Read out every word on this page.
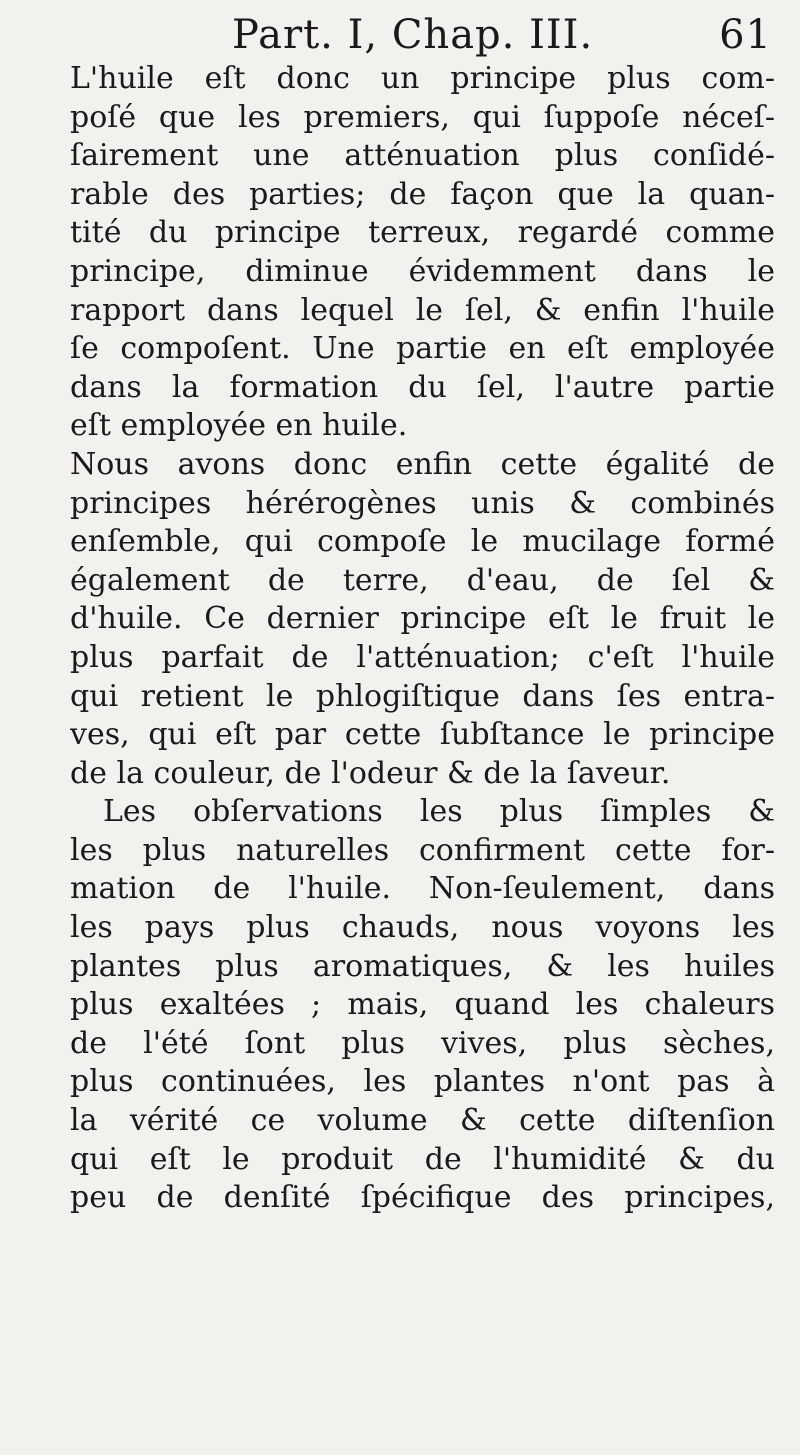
Part. I, Chap. III.	61
L'huile eſt donc un principe plus com-
poſé que les premiers, qui ſuppoſe néceſ-
ſairement une atténuation plus conſidé-
rable des parties; de façon que la quan-
tité du principe terreux, regardé comme
principe, diminue évidemment dans le
rapport dans lequel le ſel, & enfin l'huile
ſe compoſent. Une partie en eſt employée
dans la formation du ſel, l'autre partie
eſt employée en huile.
Nous avons donc enfin cette égalité de
principes hérérogènes unis & combinés
enſemble, qui compoſe le mucilage formé
également de terre, d'eau, de ſel &
d'huile. Ce dernier principe eſt le fruit le
plus parfait de l'atténuation; c'eſt l'huile
qui retient le phlogiſtique dans ſes entra-
ves, qui eſt par cette ſubſtance le principe
de la couleur, de l'odeur & de la ſaveur.
Les obſervations les plus ſimples &
les plus naturelles confirment cette for-
mation de l'huile. Non-ſeulement, dans
les pays plus chauds, nous voyons les
plantes plus aromatiques, & les huiles
plus exaltées ; mais, quand les chaleurs
de l'été ſont plus vives, plus sèches,
plus continuées, les plantes n'ont pas à
la vérité ce volume & cette diſtenſion
qui eſt le produit de l'humidité & du
peu de denſité ſpécifique des principes,
